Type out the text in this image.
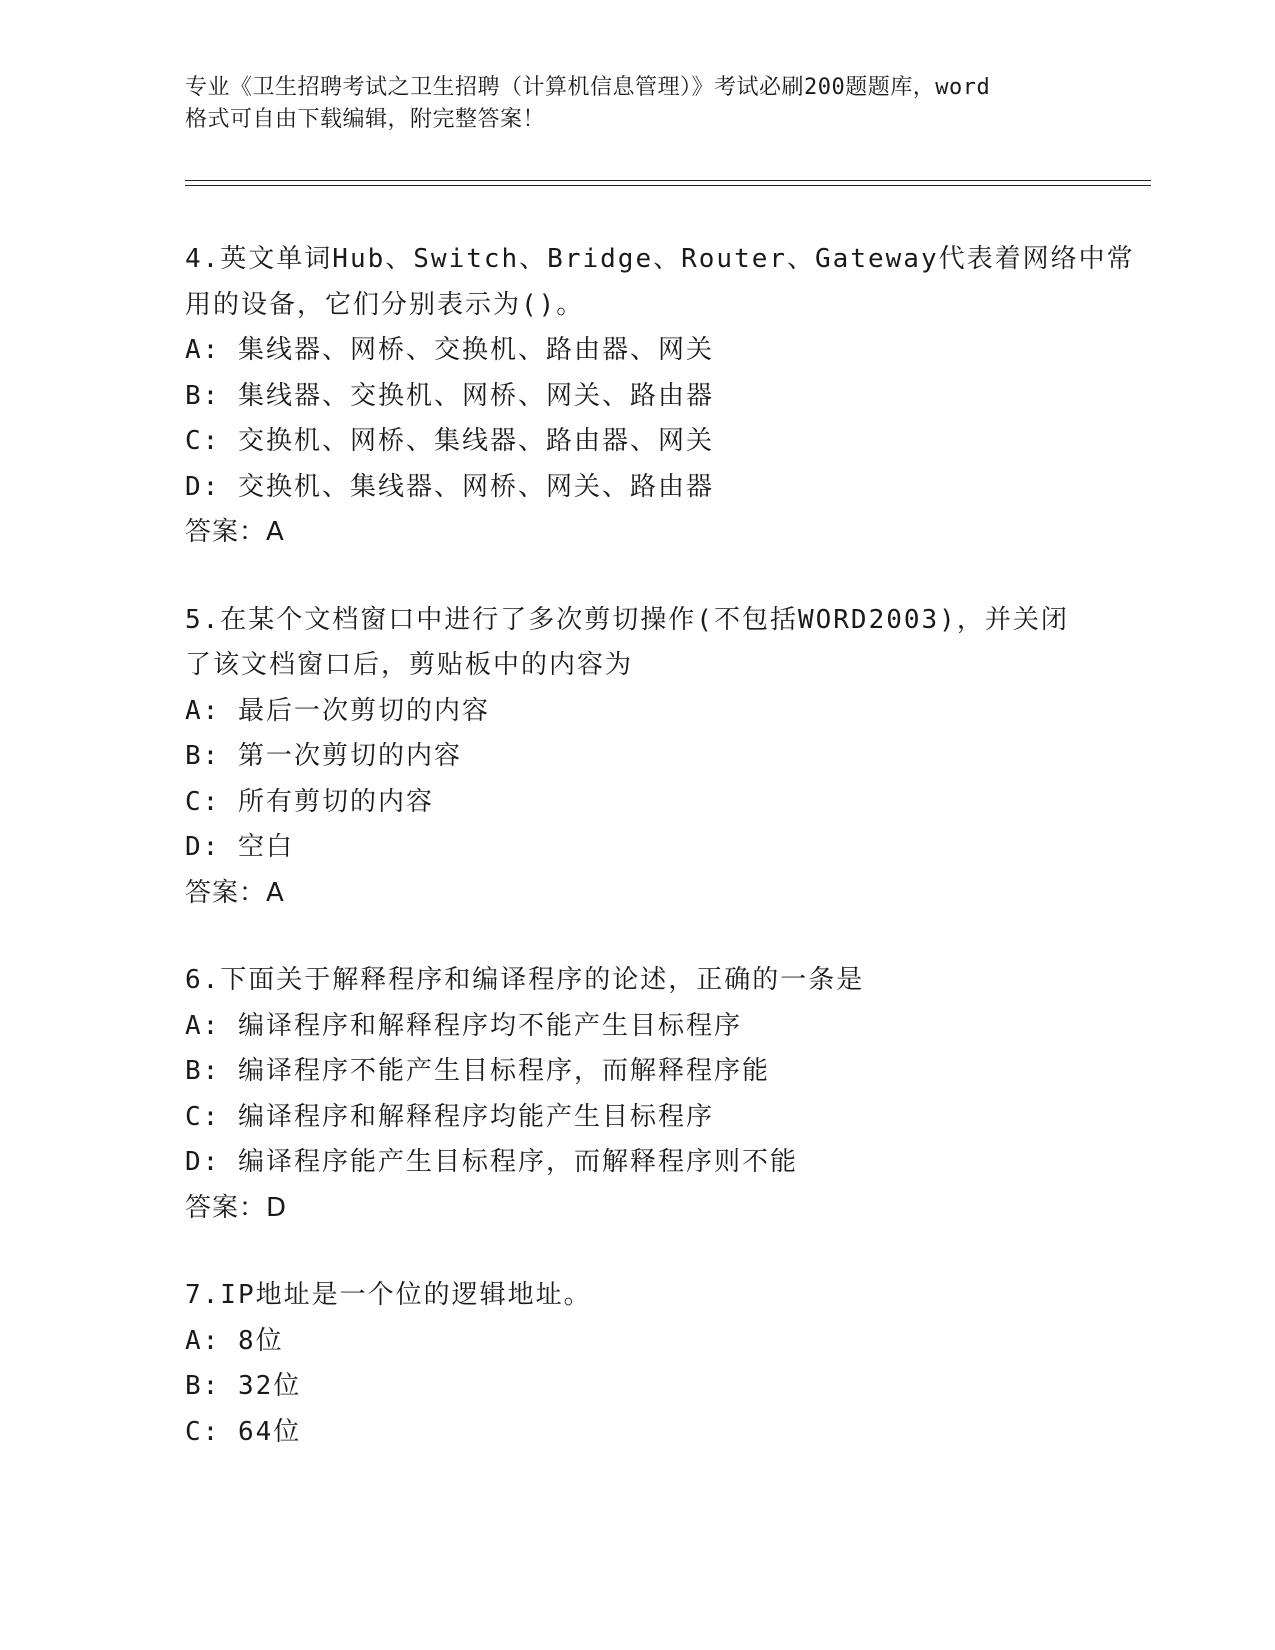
专业《卫生招聘考试之卫生招聘（计算机信息管理）》考试必刷200题题库，word
格式可自由下载编辑，附完整答案！
4.英文单词Hub、Switch、Bridge、Router、Gateway代表着网络中常
用的设备，它们分别表示为()。
A: 集线器、网桥、交换机、路由器、网关
B: 集线器、交换机、网桥、网关、路由器
C: 交换机、网桥、集线器、路由器、网关
D: 交换机、集线器、网桥、网关、路由器
答案：A
5.在某个文档窗口中进行了多次剪切操作(不包括WORD2003)，并关闭
了该文档窗口后，剪贴板中的内容为
A: 最后一次剪切的内容
B: 第一次剪切的内容
C: 所有剪切的内容
D: 空白
答案：A
6.下面关于解释程序和编译程序的论述，正确的一条是
A: 编译程序和解释程序均不能产生目标程序
B: 编译程序不能产生目标程序，而解释程序能
C: 编译程序和解释程序均能产生目标程序
D: 编译程序能产生目标程序，而解释程序则不能
答案：D
7.IP地址是一个位的逻辑地址。
A: 8位
B: 32位
C: 64位
